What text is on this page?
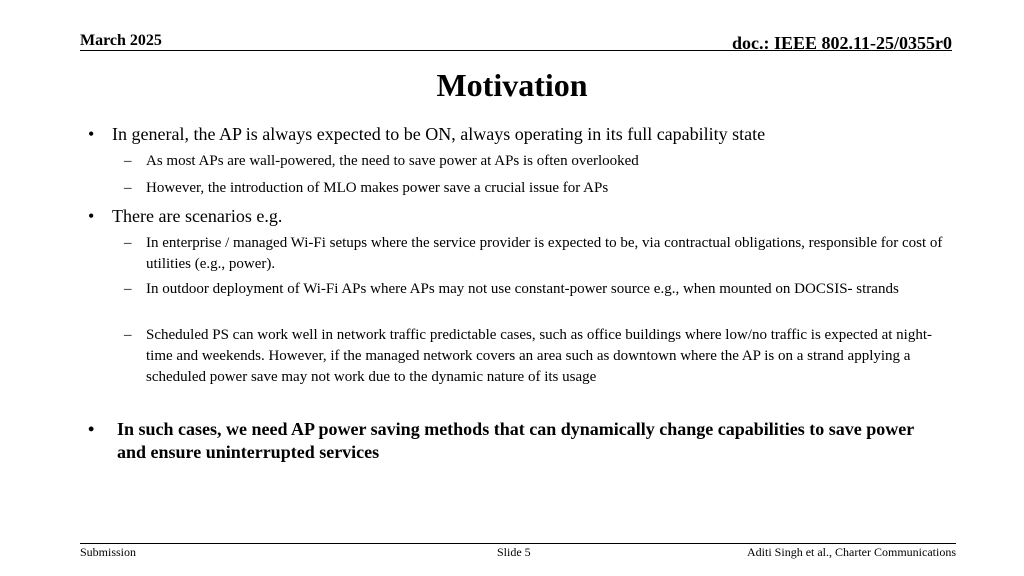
March 2025	doc.: IEEE 802.11-25/0355r0
Motivation
• In general, the AP is always expected to be ON, always operating in its full capability state
– As most APs are wall-powered, the need to save power at APs is often overlooked
– However, the introduction of MLO makes power save a crucial issue for APs
• There are scenarios e.g.
– In enterprise / managed Wi-Fi setups where the service provider is expected to be, via contractual obligations, responsible for cost of utilities (e.g., power).
– In outdoor deployment of Wi-Fi APs where APs may not use constant-power source e.g., when mounted on DOCSIS- strands
– Scheduled PS can work well in network traffic predictable cases, such as office buildings where low/no traffic is expected at night-time and weekends. However, if the managed network covers an area such as downtown where the AP is on a strand applying a scheduled power save may not work due to the dynamic nature of its usage
• In such cases, we need AP power saving methods that can dynamically change capabilities to save power and ensure uninterrupted services
Submission	Slide 5	Aditi Singh et al., Charter Communications
